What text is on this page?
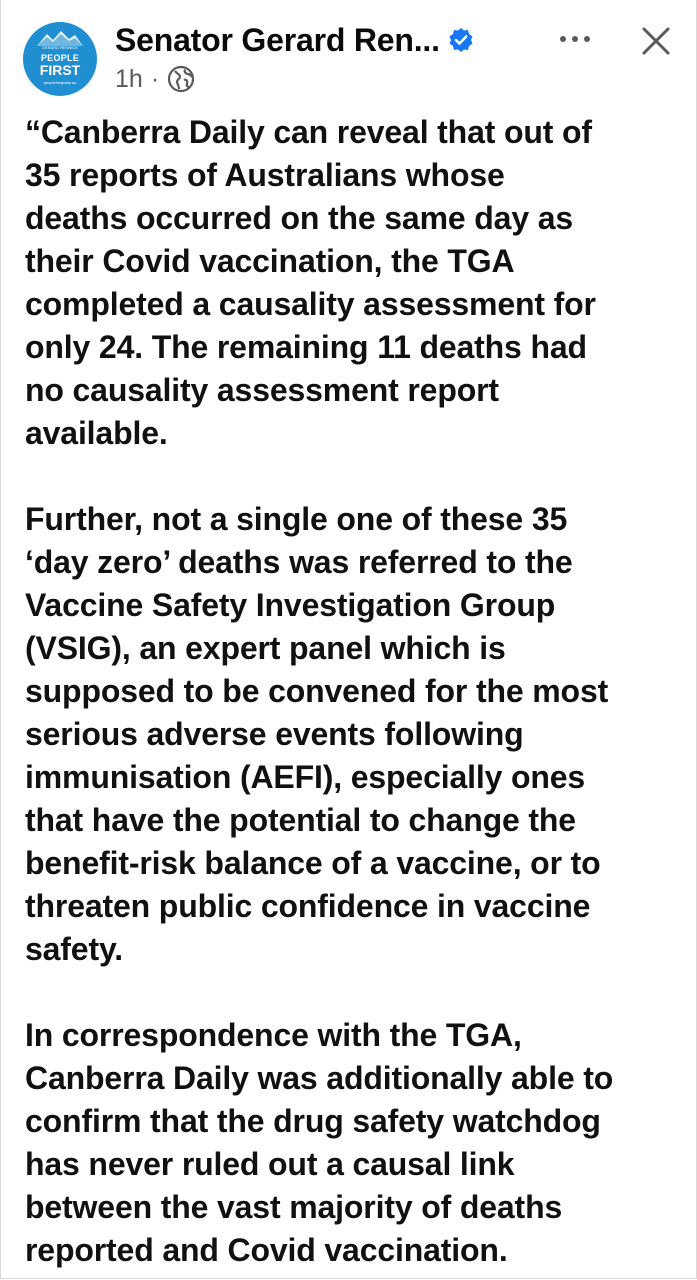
GERARD RENNICK
PEOPLE
FIRST
peoplefirstparty.au
Senator Gerard Ren...
1h ·

“Canberra Daily can reveal that out of
35 reports of Australians whose
deaths occurred on the same day as
their Covid vaccination, the TGA
completed a causality assessment for
only 24. The remaining 11 deaths had
no causality assessment report
available.

Further, not a single one of these 35
‘day zero’ deaths was referred to the
Vaccine Safety Investigation Group
(VSIG), an expert panel which is
supposed to be convened for the most
serious adverse events following
immunisation (AEFI), especially ones
that have the potential to change the
benefit-risk balance of a vaccine, or to
threaten public confidence in vaccine
safety.

In correspondence with the TGA,
Canberra Daily was additionally able to
confirm that the drug safety watchdog
has never ruled out a causal link
between the vast majority of deaths
reported and Covid vaccination.
